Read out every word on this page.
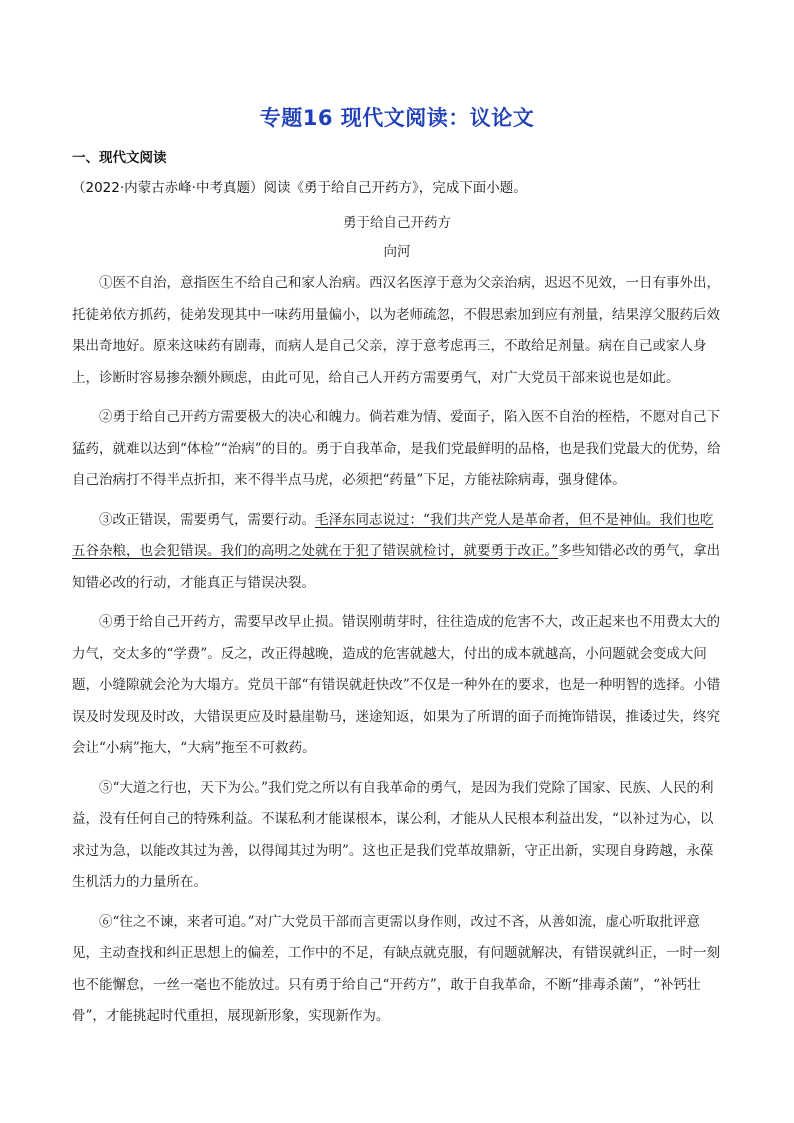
专题16 现代文阅读：议论文
一、现代文阅读
（2022·内蒙古赤峰·中考真题）阅读《勇于给自己开药方》，完成下面小题。
勇于给自己开药方
向河

①医不自治，意指医生不给自己和家人治病。西汉名医淳于意为父亲治病，迟迟不见效，一日有事外出，托徒弟依方抓药，徒弟发现其中一味药用量偏小，以为老师疏忽，不假思索加到应有剂量，结果淳父服药后效果出奇地好。原来这味药有剧毒，而病人是自己父亲，淳于意考虑再三，不敢给足剂量。病在自己或家人身上，诊断时容易掺杂额外顾虑，由此可见，给自己人开药方需要勇气，对广大党员干部来说也是如此。

②勇于给自己开药方需要极大的决心和魄力。倘若难为情、爱面子，陷入医不自治的桎梏，不愿对自己下猛药，就难以达到“体检”“治病”的目的。勇于自我革命，是我们党最鲜明的品格，也是我们党最大的优势，给自己治病打不得半点折扣，来不得半点马虎，必须把“药量”下足，方能祛除病毒，强身健体。

③改正错误，需要勇气，需要行动。毛泽东同志说过：“我们共产党人是革命者，但不是神仙。我们也吃五谷杂粮，也会犯错误。我们的高明之处就在于犯了错误就检讨，就要勇于改正。”多些知错必改的勇气，拿出知错必改的行动，才能真正与错误决裂。

④勇于给自己开药方，需要早改早止损。错误刚萌芽时，往往造成的危害不大，改正起来也不用费太大的力气，交太多的“学费”。反之，改正得越晚，造成的危害就越大，付出的成本就越高，小问题就会变成大问题，小缝隙就会沦为大塌方。党员干部“有错误就赶快改”不仅是一种外在的要求，也是一种明智的选择。小错误及时发现及时改，大错误更应及时悬崖勒马，迷途知返，如果为了所谓的面子而掩饰错误，推诿过失，终究会让“小病”拖大，“大病”拖至不可救药。

⑤“大道之行也，天下为公。”我们党之所以有自我革命的勇气，是因为我们党除了国家、民族、人民的利益，没有任何自己的特殊利益。不谋私利才能谋根本，谋公利，才能从人民根本利益出发，“以补过为心，以求过为急，以能改其过为善，以得闻其过为明”。这也正是我们党革故鼎新，守正出新，实现自身跨越，永葆生机活力的力量所在。

⑥“往之不谏，来者可追。”对广大党员干部而言更需以身作则，改过不吝，从善如流，虚心听取批评意见，主动查找和纠正思想上的偏差，工作中的不足，有缺点就克服，有问题就解决，有错误就纠正，一时一刻也不能懈怠，一丝一毫也不能放过。只有勇于给自己“开药方”，敢于自我革命，不断“排毒杀菌”，“补钙壮骨”，才能挑起时代重担，展现新形象，实现新作为。
